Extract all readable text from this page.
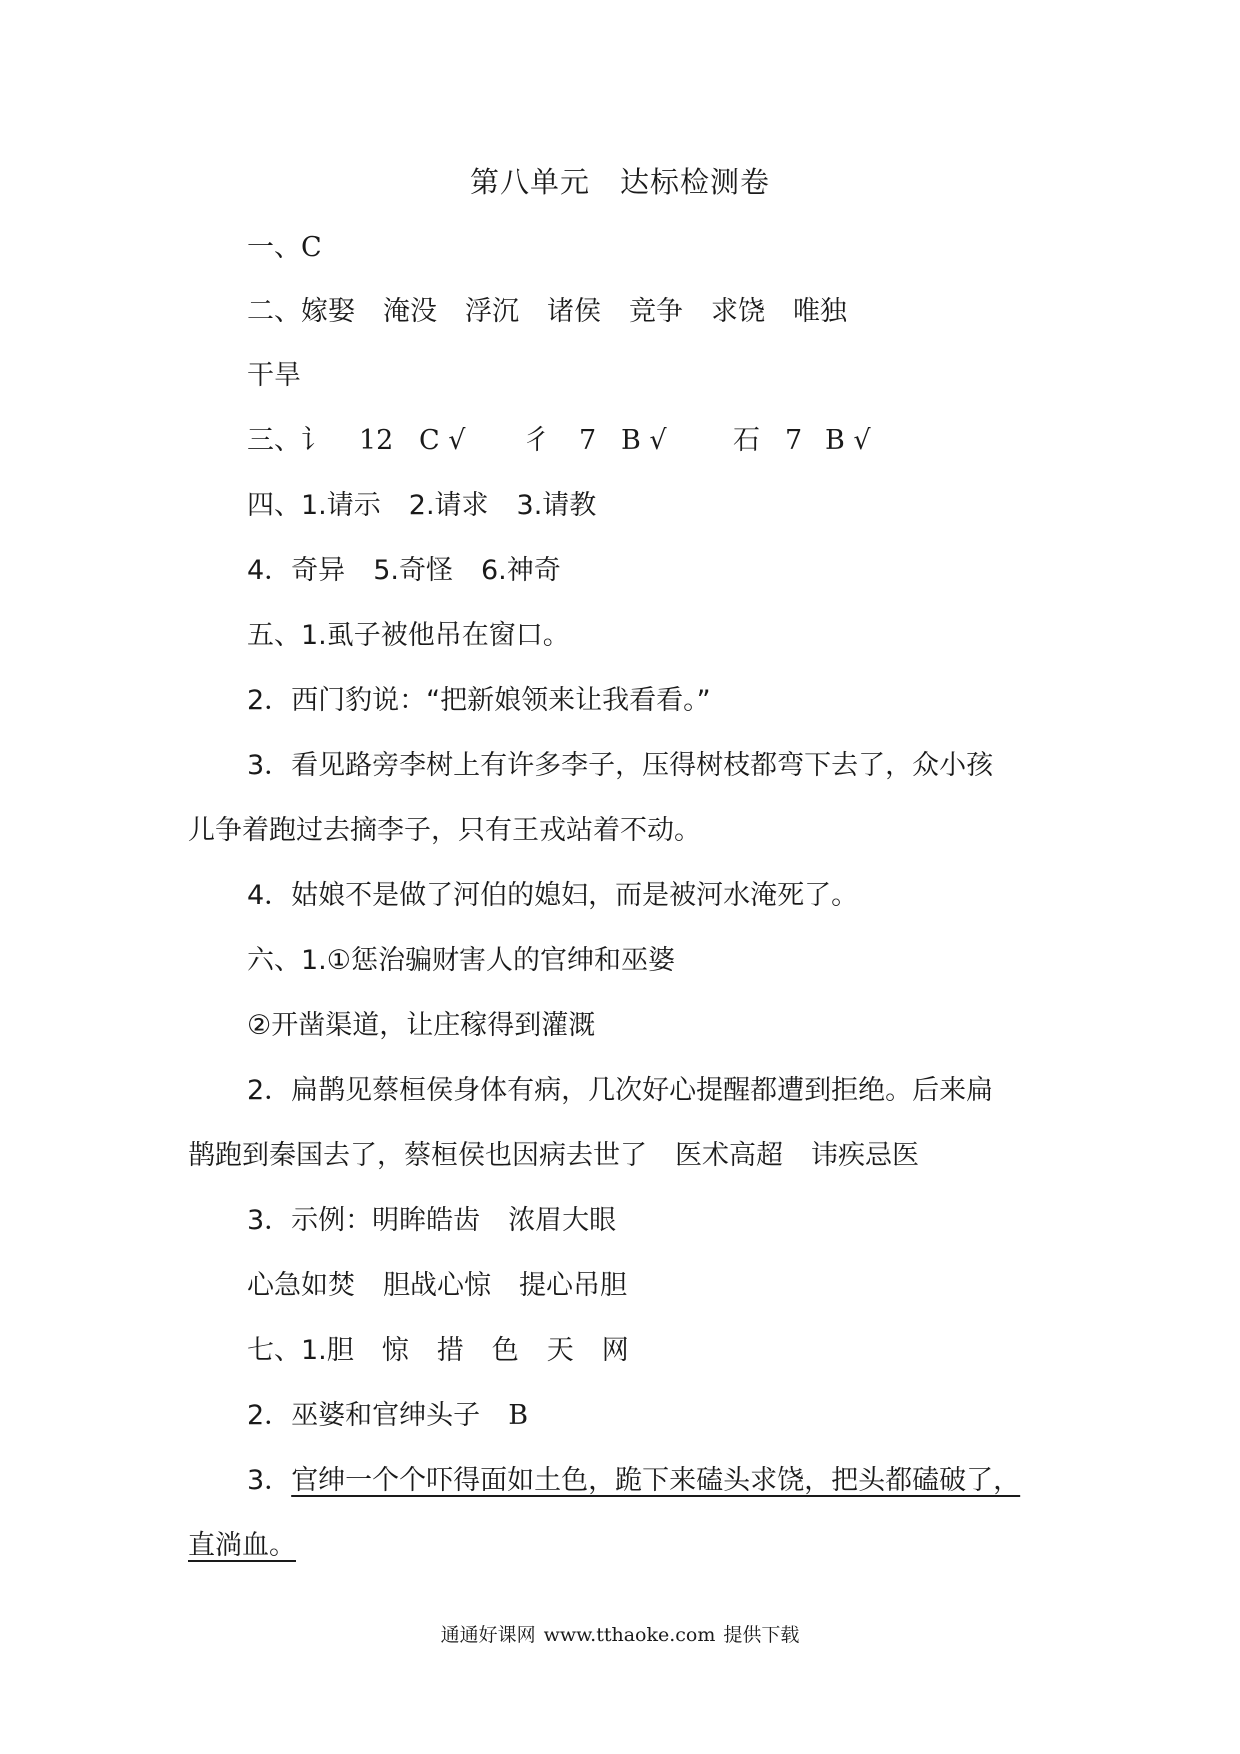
第八单元 达标检测卷
一、C
二、嫁娶 淹没 浮沉 诸侯 竞争 求饶 唯独
干旱
三、讠 12 C √ 彳 7 B √ 石 7 B √
四、1.请示 2.请求 3.请教
4．奇异 5.奇怪 6.神奇
五、1.虱子被他吊在窗口。
2．西门豹说：“把新娘领来让我看看。”
3．看见路旁李树上有许多李子，压得树枝都弯下去了，众小孩
儿争着跑过去摘李子，只有王戎站着不动。
4．姑娘不是做了河伯的媳妇，而是被河水淹死了。
六、1.①惩治骗财害人的官绅和巫婆
②开凿渠道，让庄稼得到灌溉
2．扁鹊见蔡桓侯身体有病，几次好心提醒都遭到拒绝。后来扁
鹊跑到秦国去了，蔡桓侯也因病去世了 医术高超 讳疾忌医
3．示例：明眸皓齿 浓眉大眼
心急如焚 胆战心惊 提心吊胆
七、1.胆 惊 措 色 天 网
2．巫婆和官绅头子 B
3．官绅一个个吓得面如土色，跪下来磕头求饶，把头都磕破了，
直淌血。
通通好课网 www.tthaoke.com 提供下载
